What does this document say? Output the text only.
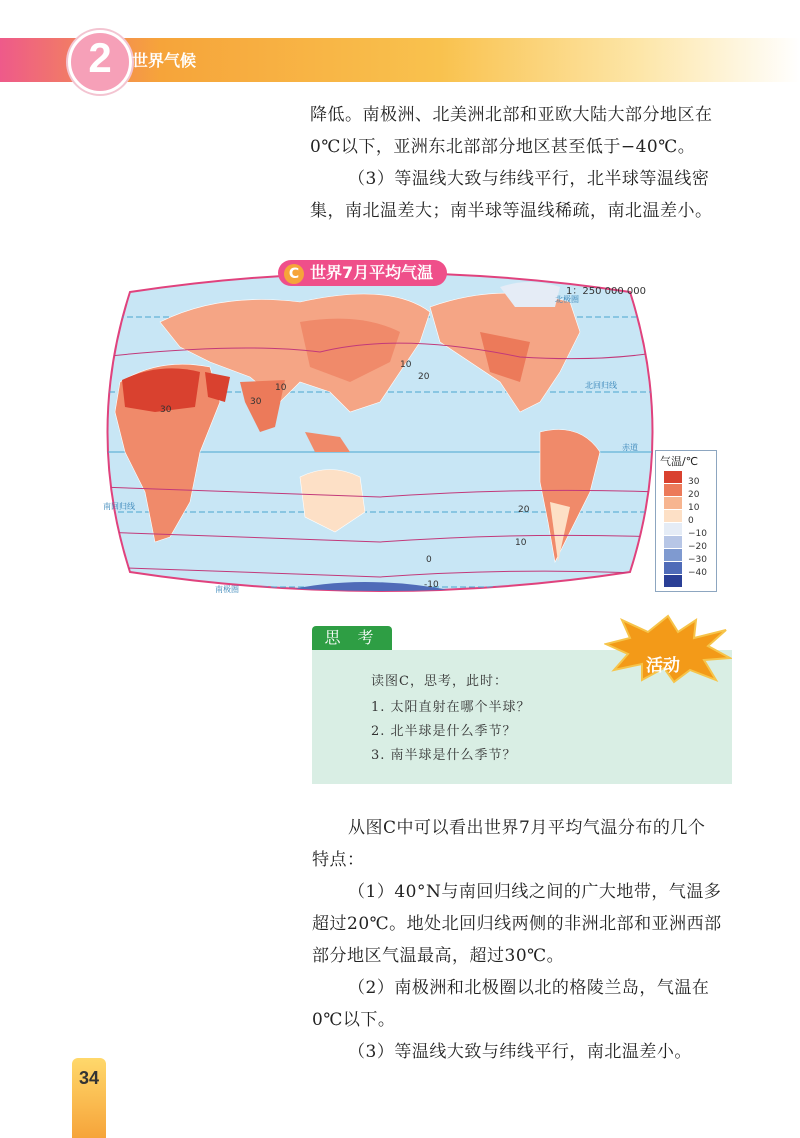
2	世界气候
降低。南极洲、北美洲北部和亚欧大陆大部分地区在
0℃以下，亚洲东北部部分地区甚至低于−40℃。
（3）等温线大致与纬线平行，北半球等温线密
集，南北温差大；南半球等温线稀疏，南北温差小。
北极圈
北回归线
赤道
南回归线
南极圈
10
20
10
30
30
20
10
0
-10
C 世界7月平均气温
1：250 000 000
气温/℃
30
20
10
0
−10
−20
−30
−40
思 考
活动
读图C，思考，此时：
1. 太阳直射在哪个半球？
2. 北半球是什么季节？
3. 南半球是什么季节？
从图C中可以看出世界7月平均气温分布的几个
特点：
（1）40°N与南回归线之间的广大地带，气温多
超过20℃。地处北回归线两侧的非洲北部和亚洲西部
部分地区气温最高，超过30℃。
（2）南极洲和北极圈以北的格陵兰岛，气温在
0℃以下。
（3）等温线大致与纬线平行，南北温差小。
34
